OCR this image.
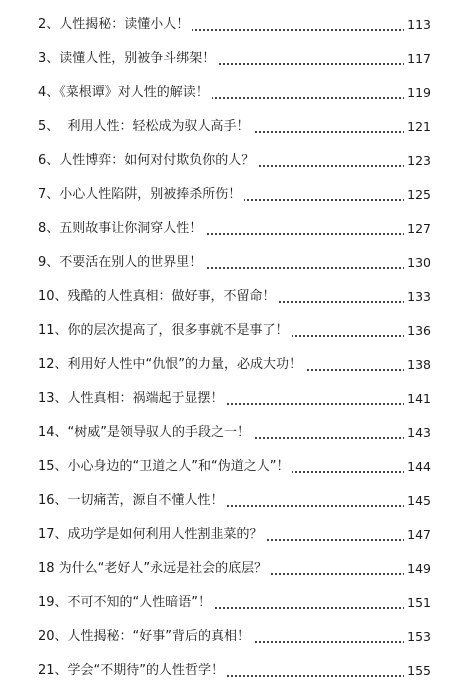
2、人性揭秘：读懂小人！	113
3、读懂人性，别被争斗绑架！	117
4、《菜根谭》对人性的解读！	119
5、  利用人性：轻松成为驭人高手！	121
6、人性博弈：如何对付欺负你的人？	123
7、小心人性陷阱，别被捧杀所伤！	125
8、五则故事让你洞穿人性！	127
9、不要活在别人的世界里！	130
10、残酷的人性真相：做好事，不留命！	133
11、你的层次提高了，很多事就不是事了！	136
12、利用好人性中“仇恨”的力量，必成大功！	138
13、人性真相：祸端起于显摆！	141
14、“树威”是领导驭人的手段之一！	143
15、小心身边的“卫道之人”和“伪道之人”！	144
16、一切痛苦，源自不懂人性！	145
17、成功学是如何利用人性割韭菜的？	147
18 为什么“老好人”永远是社会的底层？	149
19、不可不知的“人性暗语”！	151
20、人性揭秘：“好事”背后的真相！	153
21、学会“不期待”的人性哲学！	155
